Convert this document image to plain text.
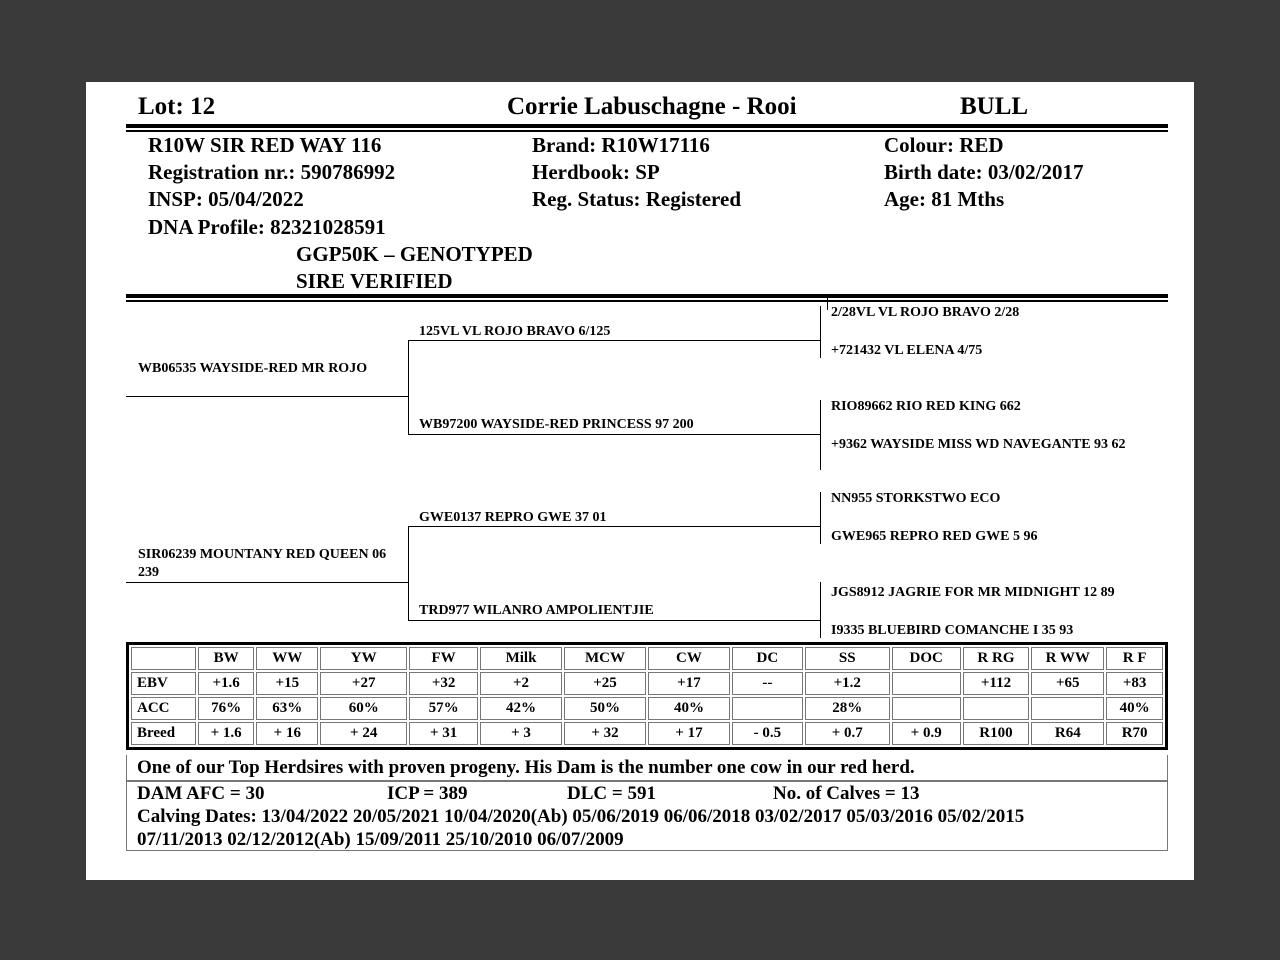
Lot: 12	Corrie Labuschagne - Rooi	BULL
R10W SIR RED WAY 116
Registration nr.: 590786992
INSP: 05/04/2022
DNA Profile: 82321028591
GGP50K – GENOTYPED
SIRE VERIFIED
Brand: R10W17116
Herdbook: SP
Reg. Status: Registered
Colour: RED
Birth date: 03/02/2017
Age: 81 Mths
WB06535 WAYSIDE-RED MR ROJO
SIR06239 MOUNTANY RED QUEEN 06 239
125VL VL ROJO BRAVO 6/125
WB97200 WAYSIDE-RED PRINCESS 97 200
GWE0137 REPRO GWE 37 01
TRD977 WILANRO AMPOLIENTJIE
2/28VL VL ROJO BRAVO 2/28
+721432 VL ELENA 4/75
RIO89662 RIO RED KING 662
+9362 WAYSIDE MISS WD NAVEGANTE 93 62
NN955 STORKSTWO ECO
GWE965 REPRO RED GWE 5 96
JGS8912 JAGRIE FOR MR MIDNIGHT 12 89
I9335 BLUEBIRD COMANCHE I 35 93
	BW	WW	YW	FW	Milk	MCW	CW	DC	SS	DOC	R RG	R WW	R F
EBV	+1.6	+15	+27	+32	+2	+25	+17	--	+1.2		+112	+65	+83
ACC	76%	63%	60%	57%	42%	50%	40%		28%				40%
Breed	+ 1.6	+ 16	+ 24	+ 31	+ 3	+ 32	+ 17	- 0.5	+ 0.7	+ 0.9	R100	R64	R70
One of our Top Herdsires with proven progeny. His Dam is the number one cow in our red herd.
DAM AFC = 30	ICP = 389	DLC = 591	No. of Calves = 13
Calving Dates: 13/04/2022 20/05/2021 10/04/2020(Ab) 05/06/2019 06/06/2018 03/02/2017 05/03/2016 05/02/2015
07/11/2013 02/12/2012(Ab) 15/09/2011 25/10/2010 06/07/2009
